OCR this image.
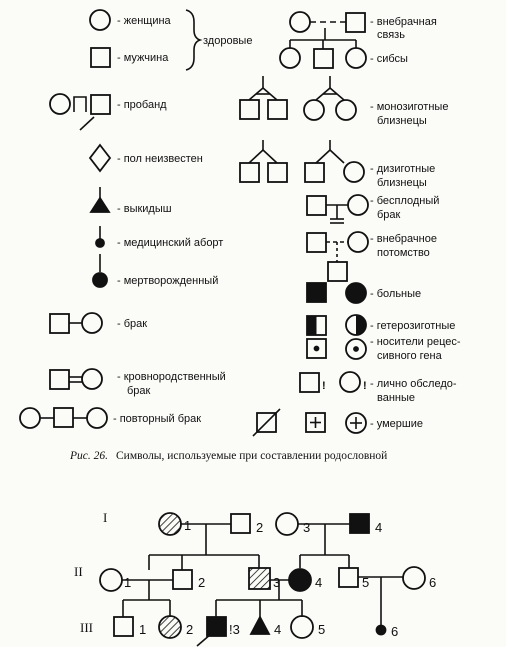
- женщина
- мужчина
здоровые
- пробанд
- пол неизвестен
- выкидыш
- медицинский аборт
- мертворожденный
- брак
- кровнородственный
брак
- повторный брак
- внебрачная
связь
- сибсы
- монозиготные
близнецы
- дизиготные
близнецы
- бесплодный
брак
- внебрачное
потомство
- больные
- гетерозиготные
- носители рецес-
сивного гена
!	! - лично обследо-
ванные
- умершие
Рис. 26. Символы, используемые при составлении родословной
I
II
III
1	2	3	4
1	2	3	4	5	6
1	2	!3	4	5	6
